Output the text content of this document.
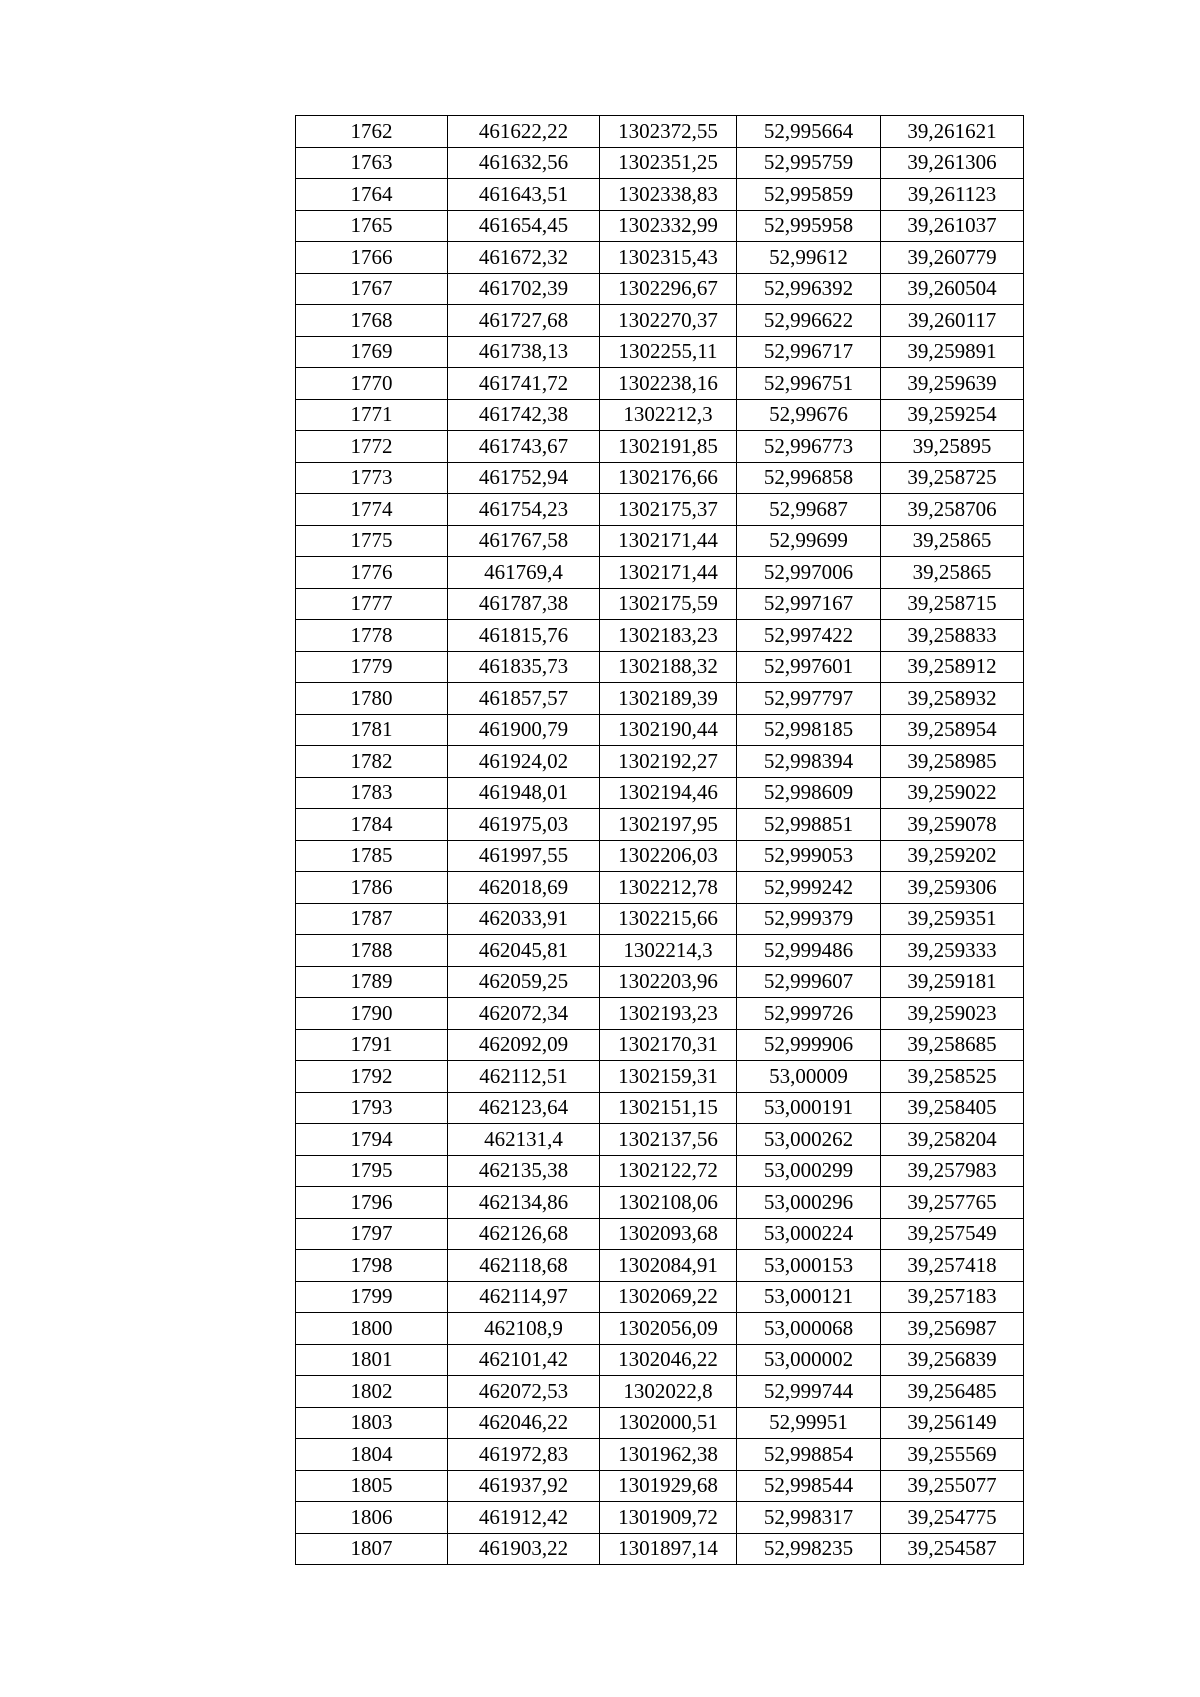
1762	461622,22	1302372,55	52,995664	39,261621
1763	461632,56	1302351,25	52,995759	39,261306
1764	461643,51	1302338,83	52,995859	39,261123
1765	461654,45	1302332,99	52,995958	39,261037
1766	461672,32	1302315,43	52,99612	39,260779
1767	461702,39	1302296,67	52,996392	39,260504
1768	461727,68	1302270,37	52,996622	39,260117
1769	461738,13	1302255,11	52,996717	39,259891
1770	461741,72	1302238,16	52,996751	39,259639
1771	461742,38	1302212,3	52,99676	39,259254
1772	461743,67	1302191,85	52,996773	39,25895
1773	461752,94	1302176,66	52,996858	39,258725
1774	461754,23	1302175,37	52,99687	39,258706
1775	461767,58	1302171,44	52,99699	39,25865
1776	461769,4	1302171,44	52,997006	39,25865
1777	461787,38	1302175,59	52,997167	39,258715
1778	461815,76	1302183,23	52,997422	39,258833
1779	461835,73	1302188,32	52,997601	39,258912
1780	461857,57	1302189,39	52,997797	39,258932
1781	461900,79	1302190,44	52,998185	39,258954
1782	461924,02	1302192,27	52,998394	39,258985
1783	461948,01	1302194,46	52,998609	39,259022
1784	461975,03	1302197,95	52,998851	39,259078
1785	461997,55	1302206,03	52,999053	39,259202
1786	462018,69	1302212,78	52,999242	39,259306
1787	462033,91	1302215,66	52,999379	39,259351
1788	462045,81	1302214,3	52,999486	39,259333
1789	462059,25	1302203,96	52,999607	39,259181
1790	462072,34	1302193,23	52,999726	39,259023
1791	462092,09	1302170,31	52,999906	39,258685
1792	462112,51	1302159,31	53,00009	39,258525
1793	462123,64	1302151,15	53,000191	39,258405
1794	462131,4	1302137,56	53,000262	39,258204
1795	462135,38	1302122,72	53,000299	39,257983
1796	462134,86	1302108,06	53,000296	39,257765
1797	462126,68	1302093,68	53,000224	39,257549
1798	462118,68	1302084,91	53,000153	39,257418
1799	462114,97	1302069,22	53,000121	39,257183
1800	462108,9	1302056,09	53,000068	39,256987
1801	462101,42	1302046,22	53,000002	39,256839
1802	462072,53	1302022,8	52,999744	39,256485
1803	462046,22	1302000,51	52,99951	39,256149
1804	461972,83	1301962,38	52,998854	39,255569
1805	461937,92	1301929,68	52,998544	39,255077
1806	461912,42	1301909,72	52,998317	39,254775
1807	461903,22	1301897,14	52,998235	39,254587
